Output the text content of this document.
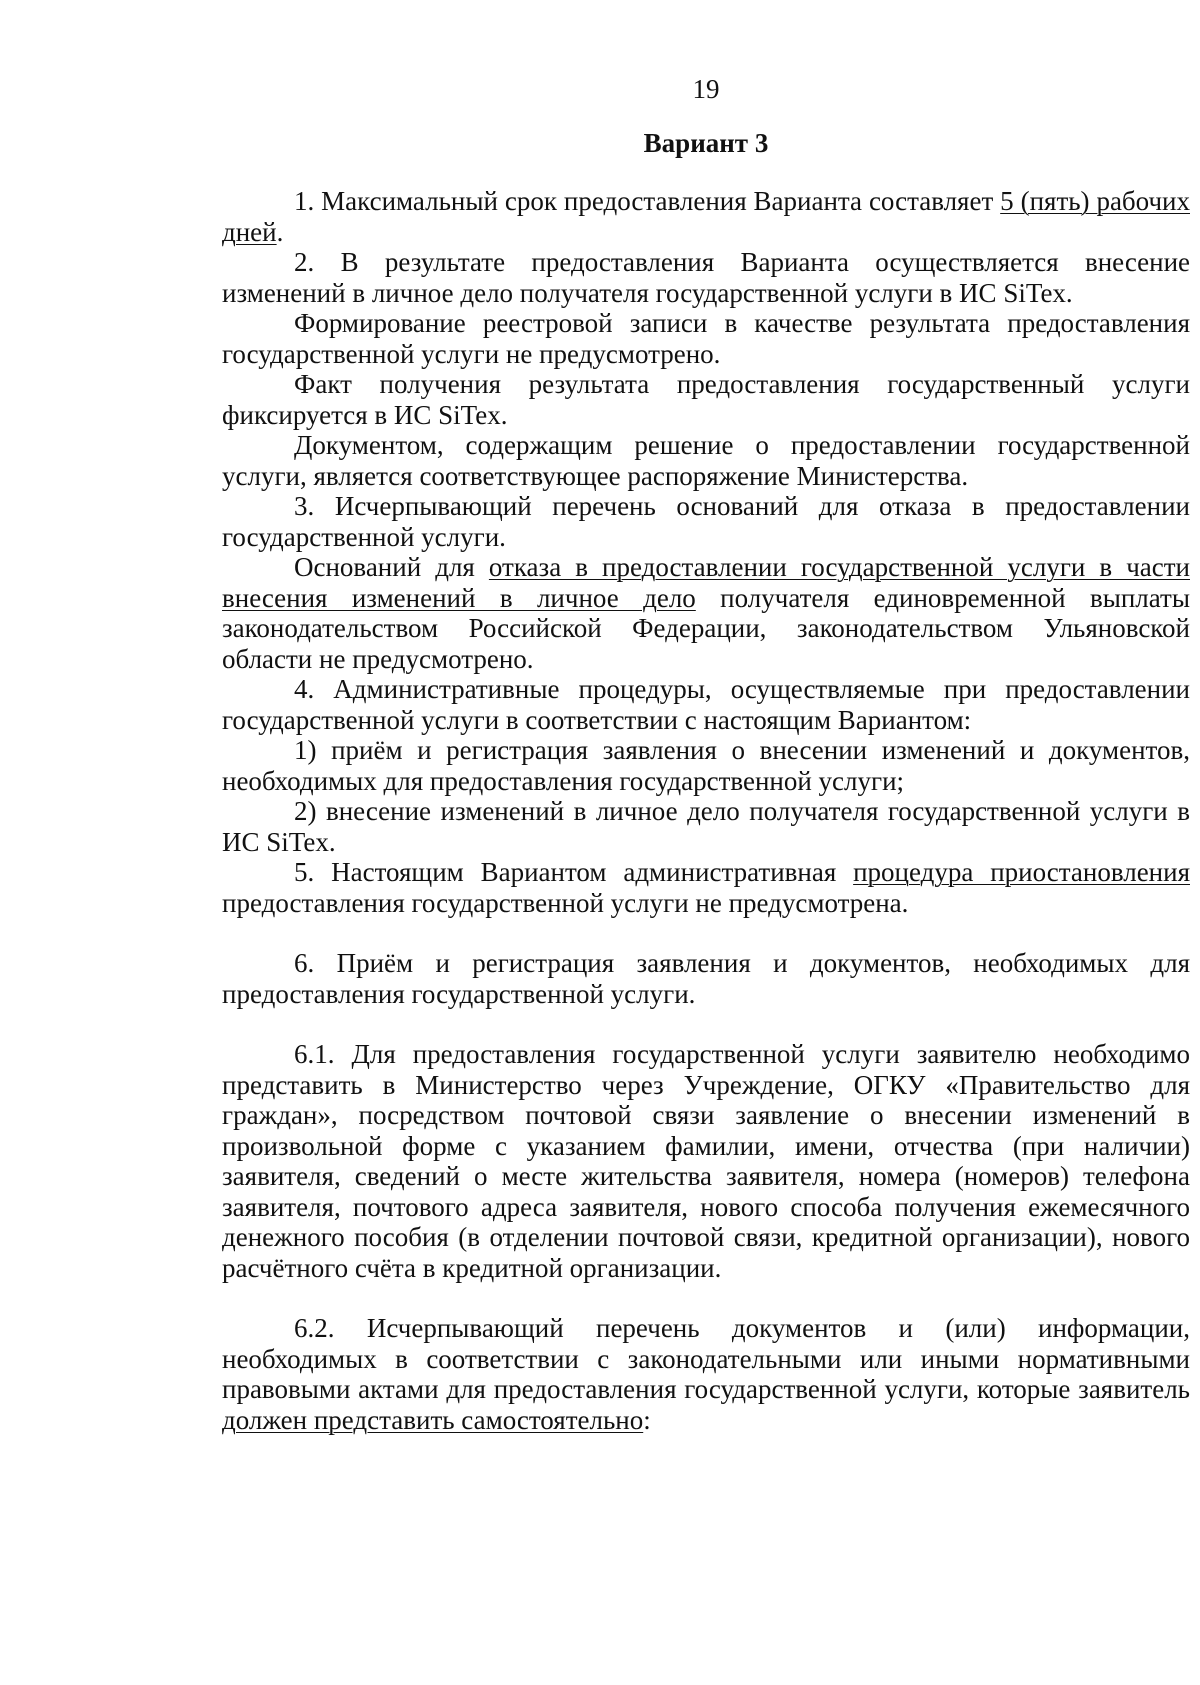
19
Вариант 3

1. Максимальный срок предоставления Варианта составляет 5 (пять) рабочих дней.

2. В результате предоставления Варианта осуществляется внесение изменений в личное дело получателя государственной услуги в ИС SiTex.

Формирование реестровой записи в качестве результата предоставления государственной услуги не предусмотрено.

Факт получения результата предоставления государственный услуги фиксируется в ИС SiTex.

Документом, содержащим решение о предоставлении государственной услуги, является соответствующее распоряжение Министерства.

3. Исчерпывающий перечень оснований для отказа в предоставлении государственной услуги.

Оснований для отказа в предоставлении государственной услуги в части внесения изменений в личное дело получателя единовременной выплаты законодательством Российской Федерации, законодательством Ульяновской области не предусмотрено.

4. Административные процедуры, осуществляемые при предоставлении государственной услуги в соответствии с настоящим Вариантом:

1) приём и регистрация заявления о внесении изменений и документов, необходимых для предоставления государственной услуги;

2) внесение изменений в личное дело получателя государственной услуги в ИС SiTex.

5. Настоящим Вариантом административная процедура приостановления предоставления государственной услуги не предусмотрена.

6. Приём и регистрация заявления и документов, необходимых для предоставления государственной услуги.

6.1. Для предоставления государственной услуги заявителю необходимо представить в Министерство через Учреждение, ОГКУ «Правительство для граждан», посредством почтовой связи заявление о внесении изменений в произвольной форме с указанием фамилии, имени, отчества (при наличии) заявителя, сведений о месте жительства заявителя, номера (номеров) телефона заявителя, почтового адреса заявителя, нового способа получения ежемесячного денежного пособия (в отделении почтовой связи, кредитной организации), нового расчётного счёта в кредитной организации.

6.2. Исчерпывающий перечень документов и (или) информации, необходимых в соответствии с законодательными или иными нормативными правовыми актами для предоставления государственной услуги, которые заявитель должен представить самостоятельно:
